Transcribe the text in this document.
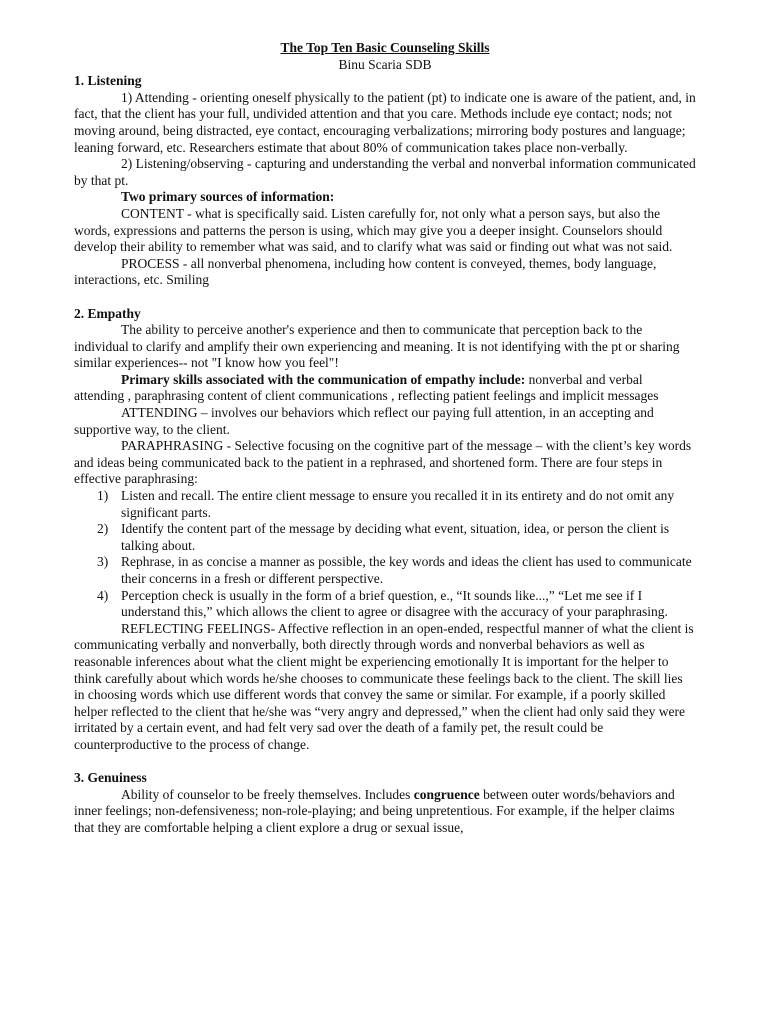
The Top Ten Basic Counseling Skills

Binu Scaria SDB

1. Listening

1) Attending - orienting oneself physically to the patient (pt) to indicate one is aware of the patient, and, in fact, that the client has your full, undivided attention and that you care. Methods include eye contact; nods; not moving around, being distracted, eye contact, encouraging verbalizations; mirroring body postures and language; leaning forward, etc. Researchers estimate that about 80% of communication takes place non-verbally.

2) Listening/observing - capturing and understanding the verbal and nonverbal information communicated by that pt.

Two primary sources of information:

CONTENT - what is specifically said. Listen carefully for, not only what a person says, but also the words, expressions and patterns the person is using, which may give you a deeper insight. Counselors should develop their ability to remember what was said, and to clarify what was said or finding out what was not said.

PROCESS - all nonverbal phenomena, including how content is conveyed, themes, body language, interactions, etc. Smiling

2. Empathy

The ability to perceive another's experience and then to communicate that perception back to the individual to clarify and amplify their own experiencing and meaning. It is not identifying with the pt or sharing similar experiences-- not "I know how you feel"!

Primary skills associated with the communication of empathy include: nonverbal and verbal attending , paraphrasing content of client communications , reflecting patient feelings and implicit messages

ATTENDING – involves our behaviors which reflect our paying full attention, in an accepting and supportive way, to the client.

PARAPHRASING - Selective focusing on the cognitive part of the message – with the client’s key words and ideas being communicated back to the patient in a rephrased, and shortened form. There are four steps in effective paraphrasing:

1) Listen and recall. The entire client message to ensure you recalled it in its entirety and do not omit any significant parts.
2) Identify the content part of the message by deciding what event, situation, idea, or person the client is talking about.
3) Rephrase, in as concise a manner as possible, the key words and ideas the client has used to communicate their concerns in a fresh or different perspective.
4) Perception check is usually in the form of a brief question, e., “It sounds like...,” “Let me see if I understand this,” which allows the client to agree or disagree with the accuracy of your paraphrasing.

REFLECTING FEELINGS- Affective reflection in an open-ended, respectful manner of what the client is communicating verbally and nonverbally, both directly through words and nonverbal behaviors as well as reasonable inferences about what the client might be experiencing emotionally It is important for the helper to think carefully about which words he/she chooses to communicate these feelings back to the client. The skill lies in choosing words which use different words that convey the same or similar. For example, if a poorly skilled helper reflected to the client that he/she was “very angry and depressed,” when the client had only said they were irritated by a certain event, and had felt very sad over the death of a family pet, the result could be counterproductive to the process of change.

3. Genuiness

Ability of counselor to be freely themselves. Includes congruence between outer words/behaviors and inner feelings; non-defensiveness; non-role-playing; and being unpretentious. For example, if the helper claims that they are comfortable helping a client explore a drug or sexual issue,
